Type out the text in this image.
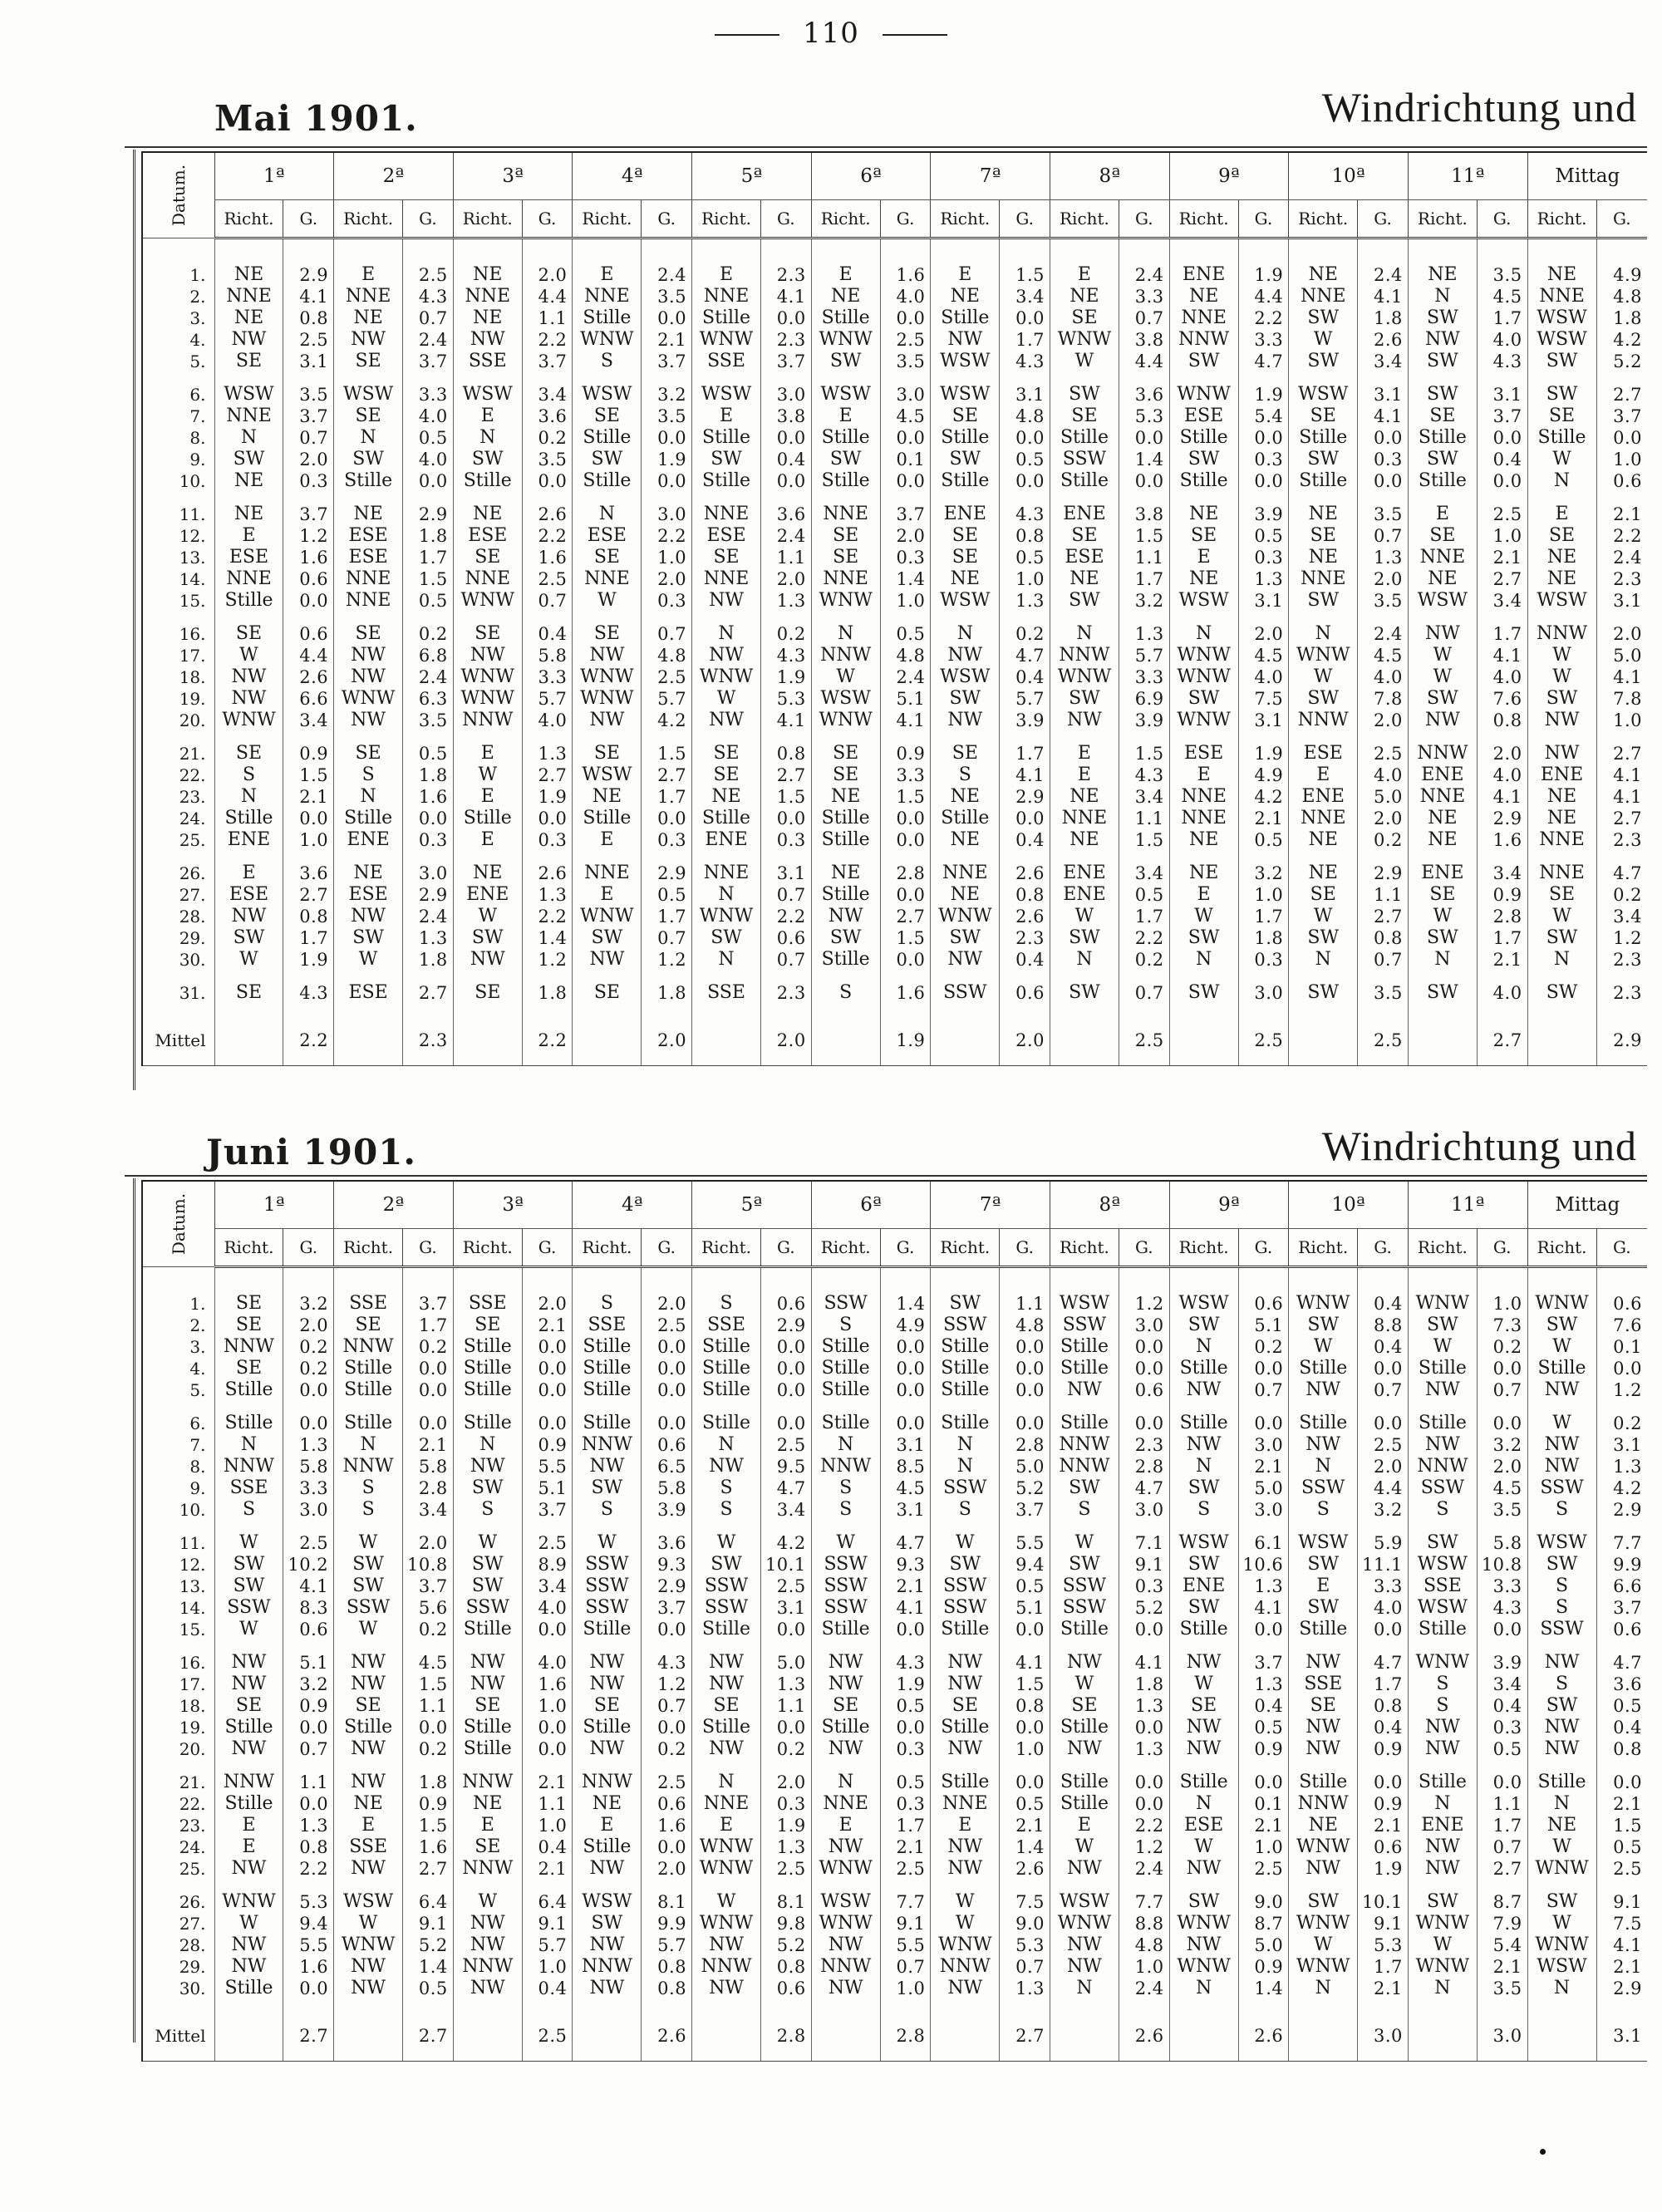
110
Mai 1901.	Windrichtung und
Juni 1901.	Windrichtung und
Datum.	1ª		2ª		3ª		4ª		5ª		6ª		7ª		8ª		9ª		10ª		11ª		Mittag	
	Richt.	G.	Richt.	G.	Richt.	G.	Richt.	G.	Richt.	G.	Richt.	G.	Richt.	G.	Richt.	G.	Richt.	G.	Richt.	G.	Richt.	G.	Richt.	G.

1.	NE	2.9	E	2.5	NE	2.0	E	2.4	E	2.3	E	1.6	E	1.5	E	2.4	ENE	1.9	NE	2.4	NE	3.5	NE	4.9
2.	NNE	4.1	NNE	4.3	NNE	4.4	NNE	3.5	NNE	4.1	NE	4.0	NE	3.4	NE	3.3	NE	4.4	NNE	4.1	N	4.5	NNE	4.8
3.	NE	0.8	NE	0.7	NE	1.1	Stille	0.0	Stille	0.0	Stille	0.0	Stille	0.0	SE	0.7	NNE	2.2	SW	1.8	SW	1.7	WSW	1.8
4.	NW	2.5	NW	2.4	NW	2.2	WNW	2.1	WNW	2.3	WNW	2.5	NW	1.7	WNW	3.8	NNW	3.3	W	2.6	NW	4.0	WSW	4.2
5.	SE	3.1	SE	3.7	SSE	3.7	S	3.7	SSE	3.7	SW	3.5	WSW	4.3	W	4.4	SW	4.7	SW	3.4	SW	4.3	SW	5.2

6.	WSW	3.5	WSW	3.3	WSW	3.4	WSW	3.2	WSW	3.0	WSW	3.0	WSW	3.1	SW	3.6	WNW	1.9	WSW	3.1	SW	3.1	SW	2.7
7.	NNE	3.7	SE	4.0	E	3.6	SE	3.5	E	3.8	E	4.5	SE	4.8	SE	5.3	ESE	5.4	SE	4.1	SE	3.7	SE	3.7
8.	N	0.7	N	0.5	N	0.2	Stille	0.0	Stille	0.0	Stille	0.0	Stille	0.0	Stille	0.0	Stille	0.0	Stille	0.0	Stille	0.0	Stille	0.0
9.	SW	2.0	SW	4.0	SW	3.5	SW	1.9	SW	0.4	SW	0.1	SW	0.5	SSW	1.4	SW	0.3	SW	0.3	SW	0.4	W	1.0
10.	NE	0.3	Stille	0.0	Stille	0.0	Stille	0.0	Stille	0.0	Stille	0.0	Stille	0.0	Stille	0.0	Stille	0.0	Stille	0.0	Stille	0.0	N	0.6

11.	NE	3.7	NE	2.9	NE	2.6	N	3.0	NNE	3.6	NNE	3.7	ENE	4.3	ENE	3.8	NE	3.9	NE	3.5	E	2.5	E	2.1
12.	E	1.2	ESE	1.8	ESE	2.2	ESE	2.2	ESE	2.4	SE	2.0	SE	0.8	SE	1.5	SE	0.5	SE	0.7	SE	1.0	SE	2.2
13.	ESE	1.6	ESE	1.7	SE	1.6	SE	1.0	SE	1.1	SE	0.3	SE	0.5	ESE	1.1	E	0.3	NE	1.3	NNE	2.1	NE	2.4
14.	NNE	0.6	NNE	1.5	NNE	2.5	NNE	2.0	NNE	2.0	NNE	1.4	NE	1.0	NE	1.7	NE	1.3	NNE	2.0	NE	2.7	NE	2.3
15.	Stille	0.0	NNE	0.5	WNW	0.7	W	0.3	NW	1.3	WNW	1.0	WSW	1.3	SW	3.2	WSW	3.1	SW	3.5	WSW	3.4	WSW	3.1

16.	SE	0.6	SE	0.2	SE	0.4	SE	0.7	N	0.2	N	0.5	N	0.2	N	1.3	N	2.0	N	2.4	NW	1.7	NNW	2.0
17.	W	4.4	NW	6.8	NW	5.8	NW	4.8	NW	4.3	NNW	4.8	NW	4.7	NNW	5.7	WNW	4.5	WNW	4.5	W	4.1	W	5.0
18.	NW	2.6	NW	2.4	WNW	3.3	WNW	2.5	WNW	1.9	W	2.4	WSW	0.4	WNW	3.3	WNW	4.0	W	4.0	W	4.0	W	4.1
19.	NW	6.6	WNW	6.3	WNW	5.7	WNW	5.7	W	5.3	WSW	5.1	SW	5.7	SW	6.9	SW	7.5	SW	7.8	SW	7.6	SW	7.8
20.	WNW	3.4	NW	3.5	NNW	4.0	NW	4.2	NW	4.1	WNW	4.1	NW	3.9	NW	3.9	WNW	3.1	NNW	2.0	NW	0.8	NW	1.0

21.	SE	0.9	SE	0.5	E	1.3	SE	1.5	SE	0.8	SE	0.9	SE	1.7	E	1.5	ESE	1.9	ESE	2.5	NNW	2.0	NW	2.7
22.	S	1.5	S	1.8	W	2.7	WSW	2.7	SE	2.7	SE	3.3	S	4.1	E	4.3	E	4.9	E	4.0	ENE	4.0	ENE	4.1
23.	N	2.1	N	1.6	E	1.9	NE	1.7	NE	1.5	NE	1.5	NE	2.9	NE	3.4	NNE	4.2	ENE	5.0	NNE	4.1	NE	4.1
24.	Stille	0.0	Stille	0.0	Stille	0.0	Stille	0.0	Stille	0.0	Stille	0.0	Stille	0.0	NNE	1.1	NNE	2.1	NNE	2.0	NE	2.9	NE	2.7
25.	ENE	1.0	ENE	0.3	E	0.3	E	0.3	ENE	0.3	Stille	0.0	NE	0.4	NE	1.5	NE	0.5	NE	0.2	NE	1.6	NNE	2.3

26.	E	3.6	NE	3.0	NE	2.6	NNE	2.9	NNE	3.1	NE	2.8	NNE	2.6	ENE	3.4	NE	3.2	NE	2.9	ENE	3.4	NNE	4.7
27.	ESE	2.7	ESE	2.9	ENE	1.3	E	0.5	N	0.7	Stille	0.0	NE	0.8	ENE	0.5	E	1.0	SE	1.1	SE	0.9	SE	0.2
28.	NW	0.8	NW	2.4	W	2.2	WNW	1.7	WNW	2.2	NW	2.7	WNW	2.6	W	1.7	W	1.7	W	2.7	W	2.8	W	3.4
29.	SW	1.7	SW	1.3	SW	1.4	SW	0.7	SW	0.6	SW	1.5	SW	2.3	SW	2.2	SW	1.8	SW	0.8	SW	1.7	SW	1.2
30.	W	1.9	W	1.8	NW	1.2	NW	1.2	N	0.7	Stille	0.0	NW	0.4	N	0.2	N	0.3	N	0.7	N	2.1	N	2.3

31.	SE	4.3	ESE	2.7	SE	1.8	SE	1.8	SSE	2.3	S	1.6	SSW	0.6	SW	0.7	SW	3.0	SW	3.5	SW	4.0	SW	2.3

Mittel		2.2		2.3		2.2		2.0		2.0		1.9		2.0		2.5		2.5		2.5		2.7		2.9
Datum.	1ª		2ª		3ª		4ª		5ª		6ª		7ª		8ª		9ª		10ª		11ª		Mittag	
	Richt.	G.	Richt.	G.	Richt.	G.	Richt.	G.	Richt.	G.	Richt.	G.	Richt.	G.	Richt.	G.	Richt.	G.	Richt.	G.	Richt.	G.	Richt.	G.

1.	SE	3.2	SSE	3.7	SSE	2.0	S	2.0	S	0.6	SSW	1.4	SW	1.1	WSW	1.2	WSW	0.6	WNW	0.4	WNW	1.0	WNW	0.6
2.	SE	2.0	SE	1.7	SE	2.1	SSE	2.5	SSE	2.9	S	4.9	SSW	4.8	SSW	3.0	SW	5.1	SW	8.8	SW	7.3	SW	7.6
3.	NNW	0.2	NNW	0.2	Stille	0.0	Stille	0.0	Stille	0.0	Stille	0.0	Stille	0.0	Stille	0.0	N	0.2	W	0.4	W	0.2	W	0.1
4.	SE	0.2	Stille	0.0	Stille	0.0	Stille	0.0	Stille	0.0	Stille	0.0	Stille	0.0	Stille	0.0	Stille	0.0	Stille	0.0	Stille	0.0	Stille	0.0
5.	Stille	0.0	Stille	0.0	Stille	0.0	Stille	0.0	Stille	0.0	Stille	0.0	Stille	0.0	NW	0.6	NW	0.7	NW	0.7	NW	0.7	NW	1.2

6.	Stille	0.0	Stille	0.0	Stille	0.0	Stille	0.0	Stille	0.0	Stille	0.0	Stille	0.0	Stille	0.0	Stille	0.0	Stille	0.0	Stille	0.0	W	0.2
7.	N	1.3	N	2.1	N	0.9	NNW	0.6	N	2.5	N	3.1	N	2.8	NNW	2.3	NW	3.0	NW	2.5	NW	3.2	NW	3.1
8.	NNW	5.8	NNW	5.8	NW	5.5	NW	6.5	NW	9.5	NNW	8.5	N	5.0	NNW	2.8	N	2.1	N	2.0	NNW	2.0	NW	1.3
9.	SSE	3.3	S	2.8	SW	5.1	SW	5.8	S	4.7	S	4.5	SSW	5.2	SW	4.7	SW	5.0	SSW	4.4	SSW	4.5	SSW	4.2
10.	S	3.0	S	3.4	S	3.7	S	3.9	S	3.4	S	3.1	S	3.7	S	3.0	S	3.0	S	3.2	S	3.5	S	2.9

11.	W	2.5	W	2.0	W	2.5	W	3.6	W	4.2	W	4.7	W	5.5	W	7.1	WSW	6.1	WSW	5.9	SW	5.8	WSW	7.7
12.	SW	10.2	SW	10.8	SW	8.9	SSW	9.3	SW	10.1	SSW	9.3	SW	9.4	SW	9.1	SW	10.6	SW	11.1	WSW	10.8	SW	9.9
13.	SW	4.1	SW	3.7	SW	3.4	SSW	2.9	SSW	2.5	SSW	2.1	SSW	0.5	SSW	0.3	ENE	1.3	E	3.3	SSE	3.3	S	6.6
14.	SSW	8.3	SSW	5.6	SSW	4.0	SSW	3.7	SSW	3.1	SSW	4.1	SSW	5.1	SSW	5.2	SW	4.1	SW	4.0	WSW	4.3	S	3.7
15.	W	0.6	W	0.2	Stille	0.0	Stille	0.0	Stille	0.0	Stille	0.0	Stille	0.0	Stille	0.0	Stille	0.0	Stille	0.0	Stille	0.0	SSW	0.6

16.	NW	5.1	NW	4.5	NW	4.0	NW	4.3	NW	5.0	NW	4.3	NW	4.1	NW	4.1	NW	3.7	NW	4.7	WNW	3.9	NW	4.7
17.	NW	3.2	NW	1.5	NW	1.6	NW	1.2	NW	1.3	NW	1.9	NW	1.5	W	1.8	W	1.3	SSE	1.7	S	3.4	S	3.6
18.	SE	0.9	SE	1.1	SE	1.0	SE	0.7	SE	1.1	SE	0.5	SE	0.8	SE	1.3	SE	0.4	SE	0.8	S	0.4	SW	0.5
19.	Stille	0.0	Stille	0.0	Stille	0.0	Stille	0.0	Stille	0.0	Stille	0.0	Stille	0.0	Stille	0.0	NW	0.5	NW	0.4	NW	0.3	NW	0.4
20.	NW	0.7	NW	0.2	Stille	0.0	NW	0.2	NW	0.2	NW	0.3	NW	1.0	NW	1.3	NW	0.9	NW	0.9	NW	0.5	NW	0.8

21.	NNW	1.1	NW	1.8	NNW	2.1	NNW	2.5	N	2.0	N	0.5	Stille	0.0	Stille	0.0	Stille	0.0	Stille	0.0	Stille	0.0	Stille	0.0
22.	Stille	0.0	NE	0.9	NE	1.1	NE	0.6	NNE	0.3	NNE	0.3	NNE	0.5	Stille	0.0	N	0.1	NNW	0.9	N	1.1	N	2.1
23.	E	1.3	E	1.5	E	1.0	E	1.6	E	1.9	E	1.7	E	2.1	E	2.2	ESE	2.1	NE	2.1	ENE	1.7	NE	1.5
24.	E	0.8	SSE	1.6	SE	0.4	Stille	0.0	WNW	1.3	NW	2.1	NW	1.4	W	1.2	W	1.0	WNW	0.6	NW	0.7	W	0.5
25.	NW	2.2	NW	2.7	NNW	2.1	NW	2.0	WNW	2.5	WNW	2.5	NW	2.6	NW	2.4	NW	2.5	NW	1.9	NW	2.7	WNW	2.5

26.	WNW	5.3	WSW	6.4	W	6.4	WSW	8.1	W	8.1	WSW	7.7	W	7.5	WSW	7.7	SW	9.0	SW	10.1	SW	8.7	SW	9.1
27.	W	9.4	W	9.1	NW	9.1	SW	9.9	WNW	9.8	WNW	9.1	W	9.0	WNW	8.8	WNW	8.7	WNW	9.1	WNW	7.9	W	7.5
28.	NW	5.5	WNW	5.2	NW	5.7	NW	5.7	NW	5.2	NW	5.5	WNW	5.3	NW	4.8	NW	5.0	W	5.3	W	5.4	WNW	4.1
29.	NW	1.6	NW	1.4	NNW	1.0	NNW	0.8	NNW	0.8	NNW	0.7	NNW	0.7	NW	1.0	WNW	0.9	WNW	1.7	WNW	2.1	WSW	2.1
30.	Stille	0.0	NW	0.5	NW	0.4	NW	0.8	NW	0.6	NW	1.0	NW	1.3	N	2.4	N	1.4	N	2.1	N	3.5	N	2.9

Mittel		2.7		2.7		2.5		2.6		2.8		2.8		2.7		2.6		2.6		3.0		3.0		3.1
